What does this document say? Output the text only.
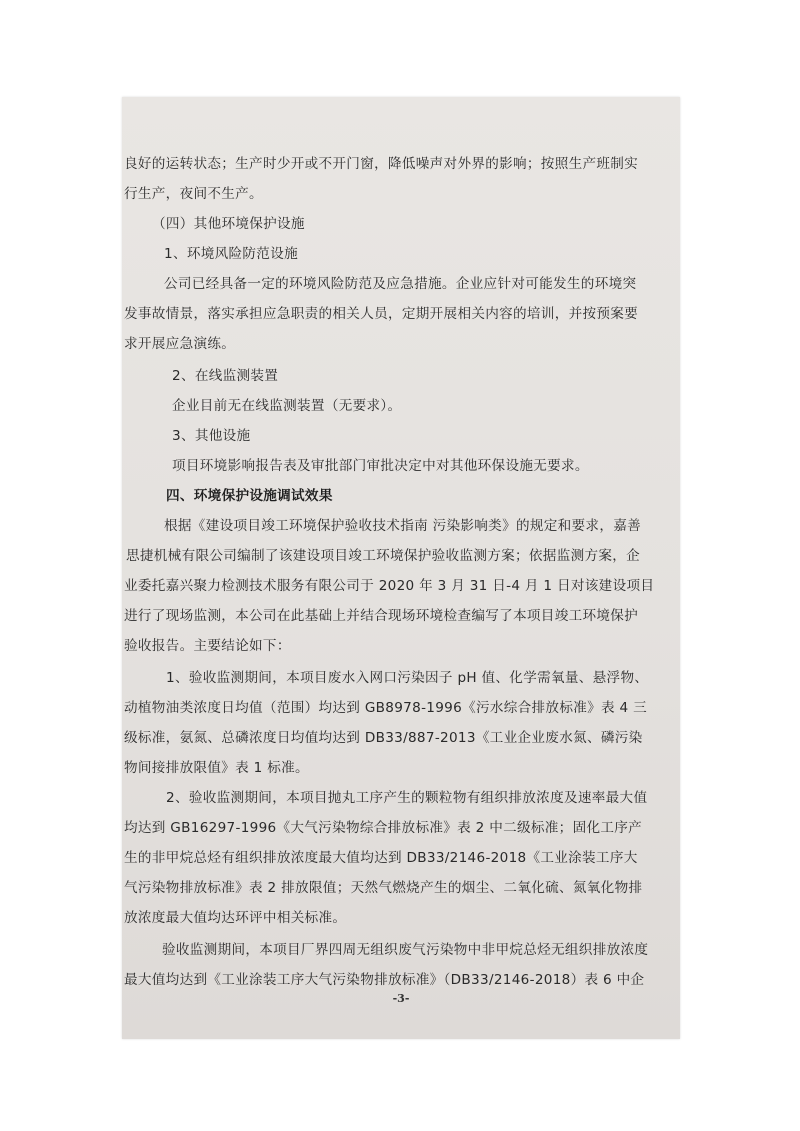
良好的运转状态；生产时少开或不开门窗，降低噪声对外界的影响；按照生产班制实
行生产，夜间不生产。
（四）其他环境保护设施
1、环境风险防范设施
公司已经具备一定的环境风险防范及应急措施。企业应针对可能发生的环境突
发事故情景，落实承担应急职责的相关人员，定期开展相关内容的培训，并按预案要
求开展应急演练。
2、在线监测装置
企业目前无在线监测装置（无要求）。
3、其他设施
项目环境影响报告表及审批部门审批决定中对其他环保设施无要求。
四、环境保护设施调试效果
根据《建设项目竣工环境保护验收技术指南 污染影响类》的规定和要求，嘉善
思捷机械有限公司编制了该建设项目竣工环境保护验收监测方案；依据监测方案，企
业委托嘉兴聚力检测技术服务有限公司于 2020 年 3 月 31 日-4 月 1 日对该建设项目
进行了现场监测，本公司在此基础上并结合现场环境检查编写了本项目竣工环境保护
验收报告。主要结论如下：
1、验收监测期间，本项目废水入网口污染因子 pH 值、化学需氧量、悬浮物、
动植物油类浓度日均值（范围）均达到 GB8978-1996《污水综合排放标准》表 4 三
级标准，氨氮、总磷浓度日均值均达到 DB33/887-2013《工业企业废水氮、磷污染
物间接排放限值》表 1 标准。
2、验收监测期间，本项目抛丸工序产生的颗粒物有组织排放浓度及速率最大值
均达到 GB16297-1996《大气污染物综合排放标准》表 2 中二级标准；固化工序产
生的非甲烷总烃有组织排放浓度最大值均达到 DB33/2146-2018《工业涂装工序大
气污染物排放标准》表 2 排放限值；天然气燃烧产生的烟尘、二氧化硫、氮氧化物排
放浓度最大值均达环评中相关标准。
验收监测期间，本项目厂界四周无组织废气污染物中非甲烷总烃无组织排放浓度
最大值均达到《工业涂装工序大气污染物排放标准》（DB33/2146-2018）表 6 中企
-3-
